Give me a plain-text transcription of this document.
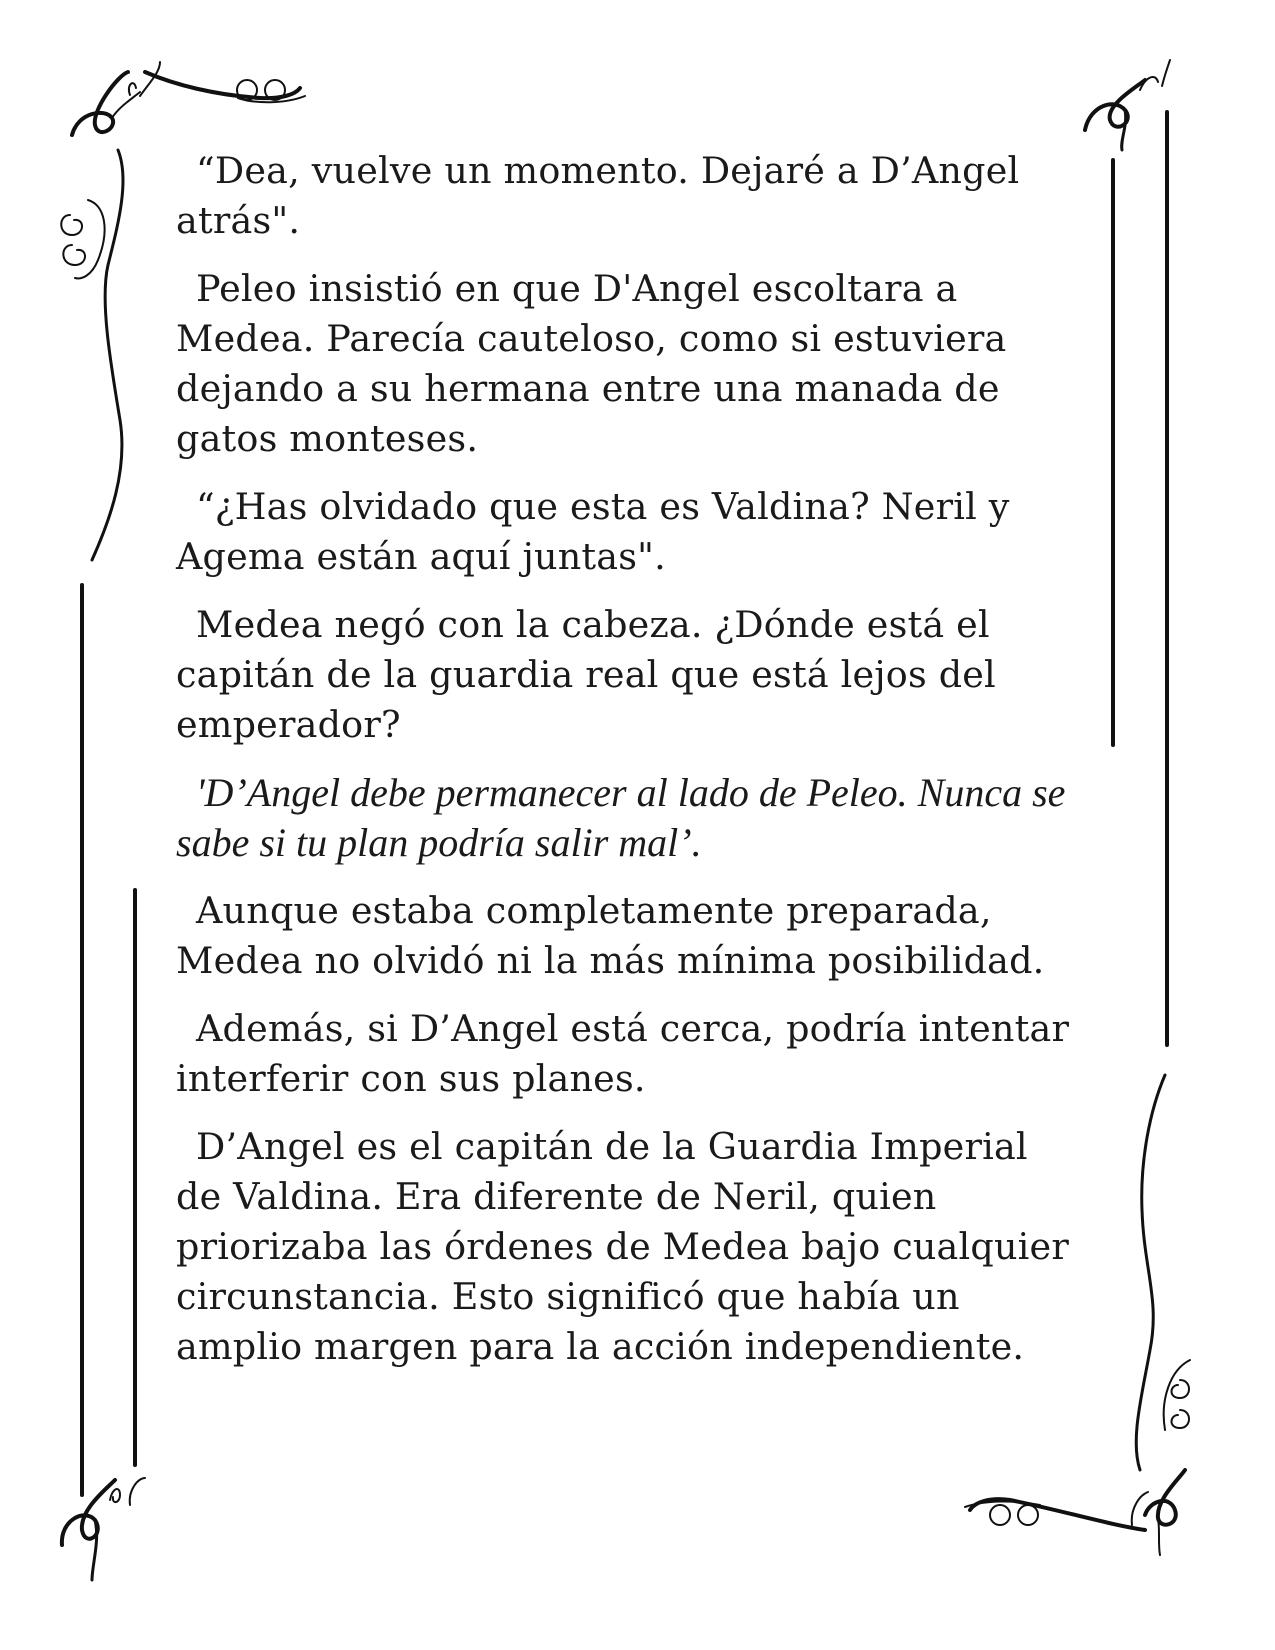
“Dea, vuelve un momento. Dejaré a D’Angel atrás".

Peleo insistió en que D'Angel escoltara a Medea. Parecía cauteloso, como si estuviera dejando a su hermana entre una manada de gatos monteses.

“¿Has olvidado que esta es Valdina? Neril y Agema están aquí juntas".

Medea negó con la cabeza. ¿Dónde está el capitán de la guardia real que está lejos del emperador?

'D’Angel debe permanecer al lado de Peleo. Nunca se sabe si tu plan podría salir mal’.

Aunque estaba completamente preparada, Medea no olvidó ni la más mínima posibilidad.

Además, si D’Angel está cerca, podría intentar interferir con sus planes.

D’Angel es el capitán de la Guardia Imperial de Valdina. Era diferente de Neril, quien priorizaba las órdenes de Medea bajo cualquier circunstancia. Esto significó que había un amplio margen para la acción independiente.
